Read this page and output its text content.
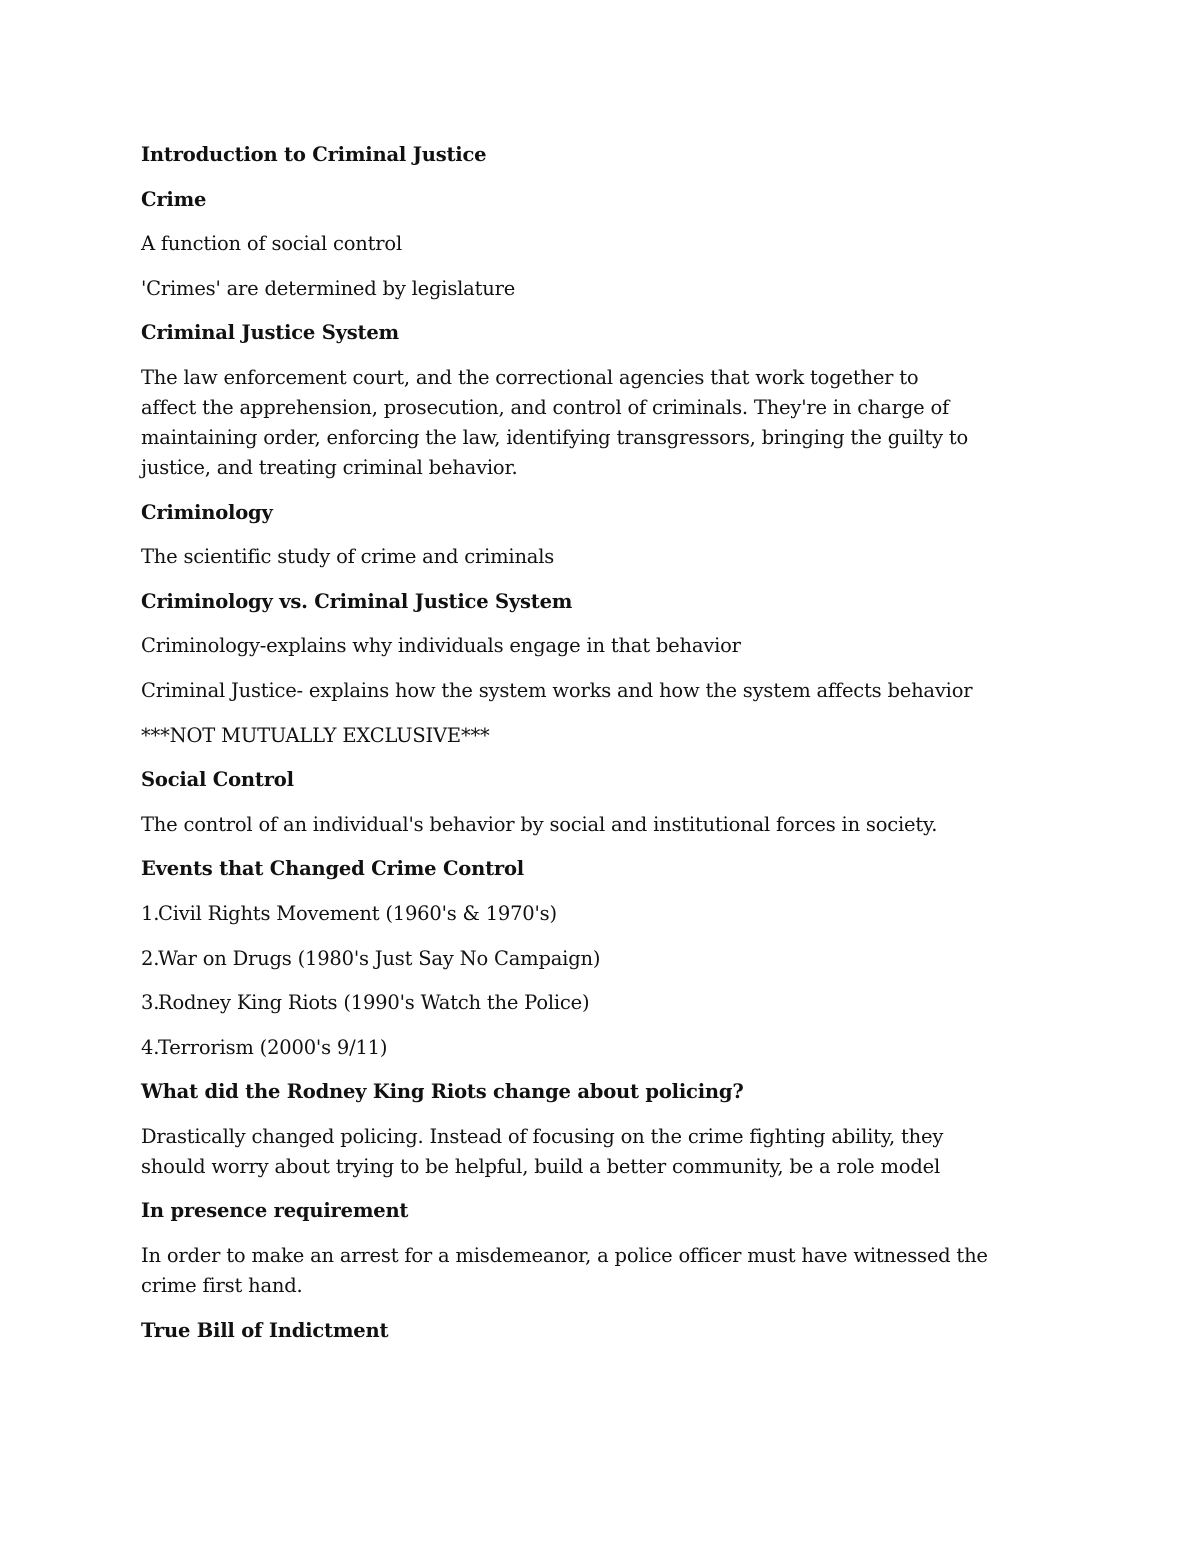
Introduction to Criminal Justice

Crime

A function of social control

'Crimes' are determined by legislature

Criminal Justice System

The law enforcement court, and the correctional agencies that work together to affect the apprehension, prosecution, and control of criminals. They're in charge of maintaining order, enforcing the law, identifying transgressors, bringing the guilty to justice, and treating criminal behavior.

Criminology

The scientific study of crime and criminals

Criminology vs. Criminal Justice System

Criminology-explains why individuals engage in that behavior

Criminal Justice- explains how the system works and how the system affects behavior

***NOT MUTUALLY EXCLUSIVE***

Social Control

The control of an individual's behavior by social and institutional forces in society.

Events that Changed Crime Control

1.Civil Rights Movement (1960's & 1970's)

2.War on Drugs (1980's Just Say No Campaign)

3.Rodney King Riots (1990's Watch the Police)

4.Terrorism (2000's 9/11)

What did the Rodney King Riots change about policing?

Drastically changed policing. Instead of focusing on the crime fighting ability, they should worry about trying to be helpful, build a better community, be a role model

In presence requirement

In order to make an arrest for a misdemeanor, a police officer must have witnessed the crime first hand.

True Bill of Indictment
